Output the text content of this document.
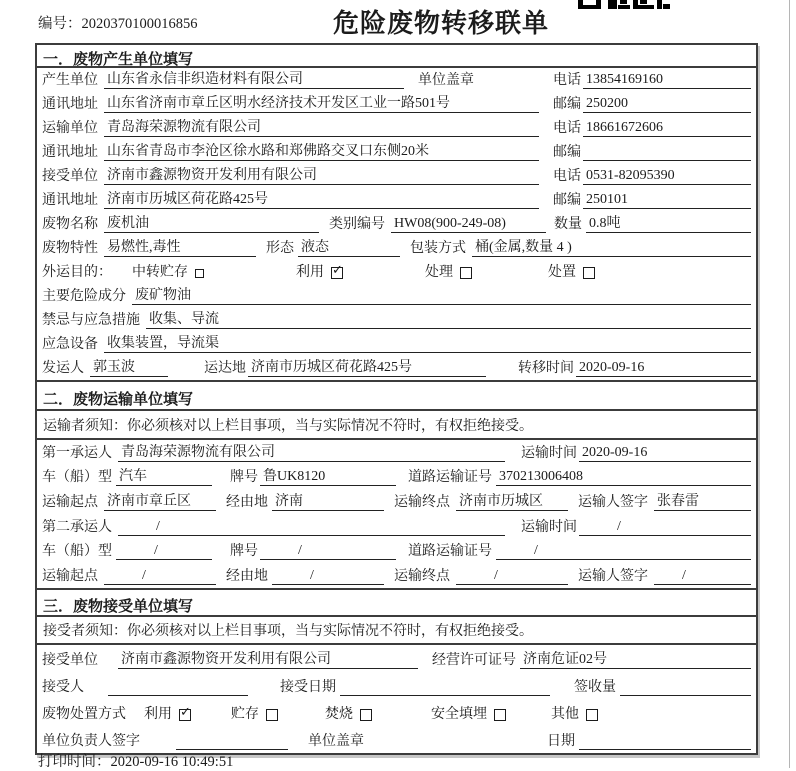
编号：2020370100016856	危险废物转移联单
一．废物产生单位填写
产生单位 山东省永信非织造材料有限公司	单位盖章	电话 13854169160
通讯地址 山东省济南市章丘区明水经济技术开发区工业一路501号	邮编 250200
运输单位 青岛海荣源物流有限公司	电话 18661672606
通讯地址 山东省青岛市李沧区徐水路和郑佛路交叉口东侧20米	邮编
接受单位 济南市鑫源物资开发利用有限公司	电话 0531-82095390
通讯地址 济南市历城区荷花路425号	邮编 250101
废物名称 废机油	类别编号 HW08(900-249-08)	数量 0.8吨
废物特性 易燃性,毒性	形态 液态	包装方式 桶(金属,数量 4 )
外运目的：	中转贮存	利用 ✓	处理	处置
主要危险成分 废矿物油
禁忌与应急措施 收集、导流
应急设备 收集装置，导流渠
发运人 郭玉波	运达地 济南市历城区荷花路425号	转移时间 2020-09-16
二．废物运输单位填写
运输者须知：你必须核对以上栏目事项，当与实际情况不符时，有权拒绝接受。
第一承运人 青岛海荣源物流有限公司	运输时间 2020-09-16
车（船）型 汽车	牌号 鲁UK8120	道路运输证号 370213006408
运输起点 济南市章丘区	经由地 济南	运输终点 济南市历城区	运输人签字 张春雷
第二承运人	/	运输时间	/
车（船）型	/	牌号	/	道路运输证号	/
运输起点	/	经由地	/	运输终点	/	运输人签字	/
三．废物接受单位填写
接受者须知：你必须核对以上栏目事项，当与实际情况不符时，有权拒绝接受。
接受单位	济南市鑫源物资开发利用有限公司	经营许可证号 济南危证02号
接受人	接受日期	签收量
废物处置方式	利用 ✓	贮存	焚烧	安全填埋	其他
单位负责人签字	单位盖章	日期
打印时间：2020-09-16 10:49:51
